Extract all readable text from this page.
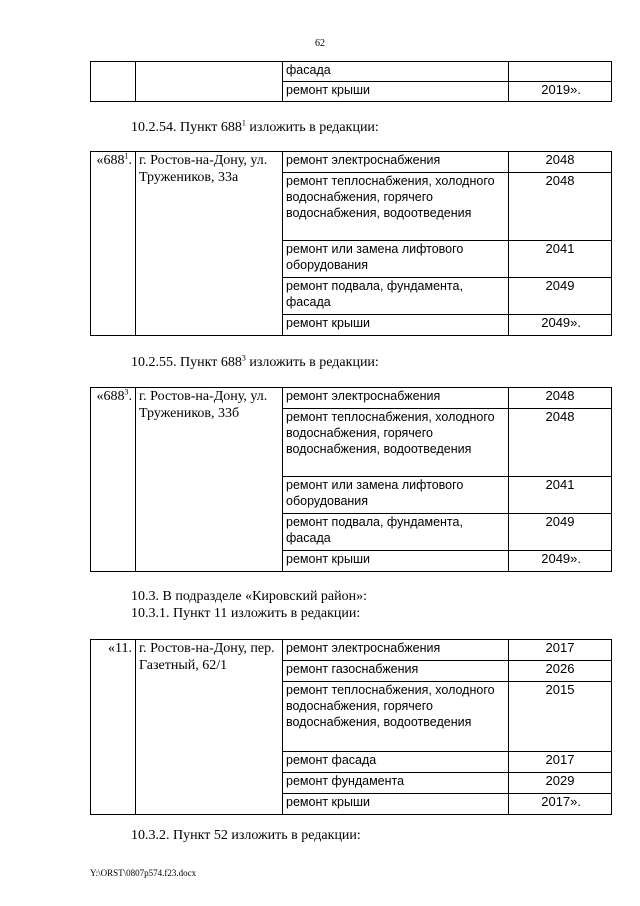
62
		фасада	
		ремонт крыши	2019».
10.2.54. Пункт $688^1$ изложить в редакции:
«$688^1$.	г. Ростов-на-Дону, ул. Тружеников, 33а	ремонт электроснабжения	2048
		ремонт теплоснабжения, холодного водоснабжения, горячего водоснабжения, водоотведения	2048
		ремонт или замена лифтового оборудования	2041
		ремонт подвала, фундамента, фасада	2049
		ремонт крыши	2049».
10.2.55. Пункт $688^3$ изложить в редакции:
«$688^3$.	г. Ростов-на-Дону, ул. Тружеников, 33б	ремонт электроснабжения	2048
		ремонт теплоснабжения, холодного водоснабжения, горячего водоснабжения, водоотведения	2048
		ремонт или замена лифтового оборудования	2041
		ремонт подвала, фундамента, фасада	2049
		ремонт крыши	2049».
10.3. В подразделе «Кировский район»:
10.3.1. Пункт 11 изложить в редакции:
«11.	г. Ростов-на-Дону, пер. Газетный, 62/1	ремонт электроснабжения	2017
		ремонт газоснабжения	2026
		ремонт теплоснабжения, холодного водоснабжения, горячего водоснабжения, водоотведения	2015
		ремонт фасада	2017
		ремонт фундамента	2029
		ремонт крыши	2017».
10.3.2. Пункт 52 изложить в редакции:
Y:\ORST\0807p574.f23.docx
